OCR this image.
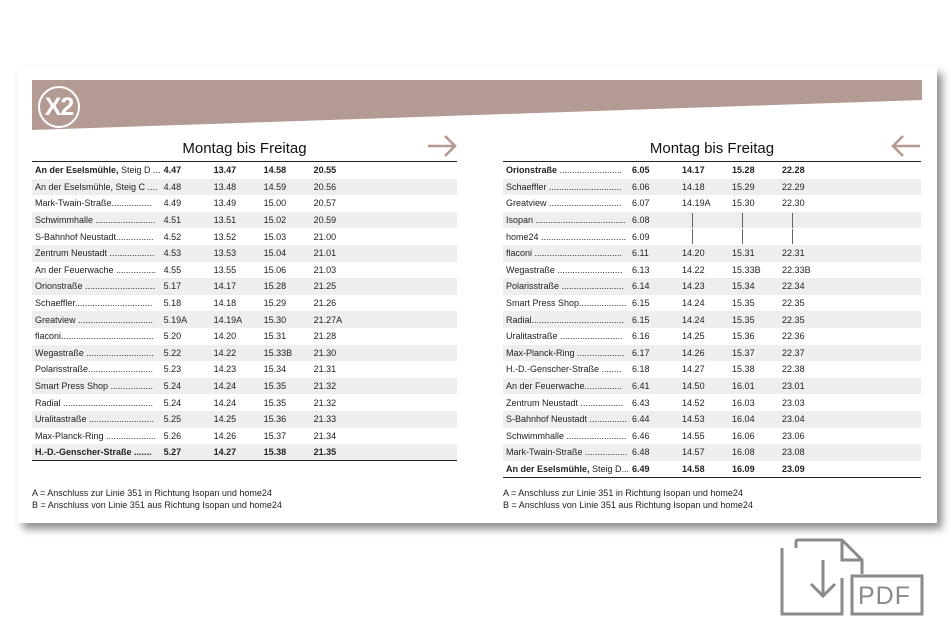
X2
Montag bis Freitag
An der Eselsmühle, Steig D ...	4.47	13.47	14.58	20.55	
An der Eselsmühle, Steig C ....	4.48	13.48	14.59	20.56	
Mark-Twain-Straße................	4.49	13.49	15.00	20.57	
Schwimmhalle ........................	4.51	13.51	15.02	20.59	
S-Bahnhof Neustadt...............	4.52	13.52	15.03	21.00	
Zentrum Neustadt ..................	4.53	13.53	15.04	21.01	
An der Feuerwache ................	4.55	13.55	15.06	21.03	
Orionstraße ............................	5.17	14.17	15.28	21.25	
Schaeffler...............................	5.18	14.18	15.29	21.26	
Greatview ..............................	5.19A	14.19A	15.30	21.27A	
flaconi.....................................	5.20	14.20	15.31	21.28	
Wegastraße ...........................	5.22	14.22	15.33B	21.30	
Polarisstraße..........................	5.23	14.23	15.34	21.31	
Smart Press Shop .................	5.24	14.24	15.35	21.32	
Radial ....................................	5.24	14.24	15.35	21.32	
Uralitastraße ..........................	5.25	14.25	15.36	21.33	
Max-Planck-Ring ....................	5.26	14.26	15.37	21.34	
H.-D.-Genscher-Straße .......	5.27	14.27	15.38	21.35	
A = Anschluss zur Linie 351 in Richtung Isopan und home24
B = Anschluss von Linie 351 aus Richtung Isopan und home24
Montag bis Freitag
Orionstraße .........................	6.05	14.17	15.28	22.28	
Schaeffler .............................	6.06	14.18	15.29	22.29	
Greatview .............................	6.07	14.19A	15.30	22.30	
Isopan ....................................	6.08				
home24 ..................................	6.09				
flaconi ...................................	6.11	14.20	15.31	22.31	
Wegastraße ..........................	6.13	14.22	15.33B	22.33B	
Polarisstraße .........................	6.14	14.23	15.34	22.34	
Smart Press Shop...................	6.15	14.24	15.35	22.35	
Radial.....................................	6.15	14.24	15.35	22.35	
Uralitastraße .........................	6.16	14.25	15.36	22.36	
Max-Planck-Ring ...................	6.17	14.26	15.37	22.37	
H.-D.-Genscher-Straße ........	6.18	14.27	15.38	22.38	
An der Feuerwache...............	6.41	14.50	16.01	23.01	
Zentrum Neustadt .................	6.43	14.52	16.03	23.03	
S-Bahnhof Neustadt ...............	6.44	14.53	16.04	23.04	
Schwimmhalle ........................	6.46	14.55	16.06	23.06	
Mark-Twain-Straße .................	6.48	14.57	16.08	23.08	
An der Eselsmühle, Steig D...	6.49	14.58	16.09	23.09	
A = Anschluss zur Linie 351 in Richtung Isopan und home24
B = Anschluss von Linie 351 aus Richtung Isopan und home24
PDF
